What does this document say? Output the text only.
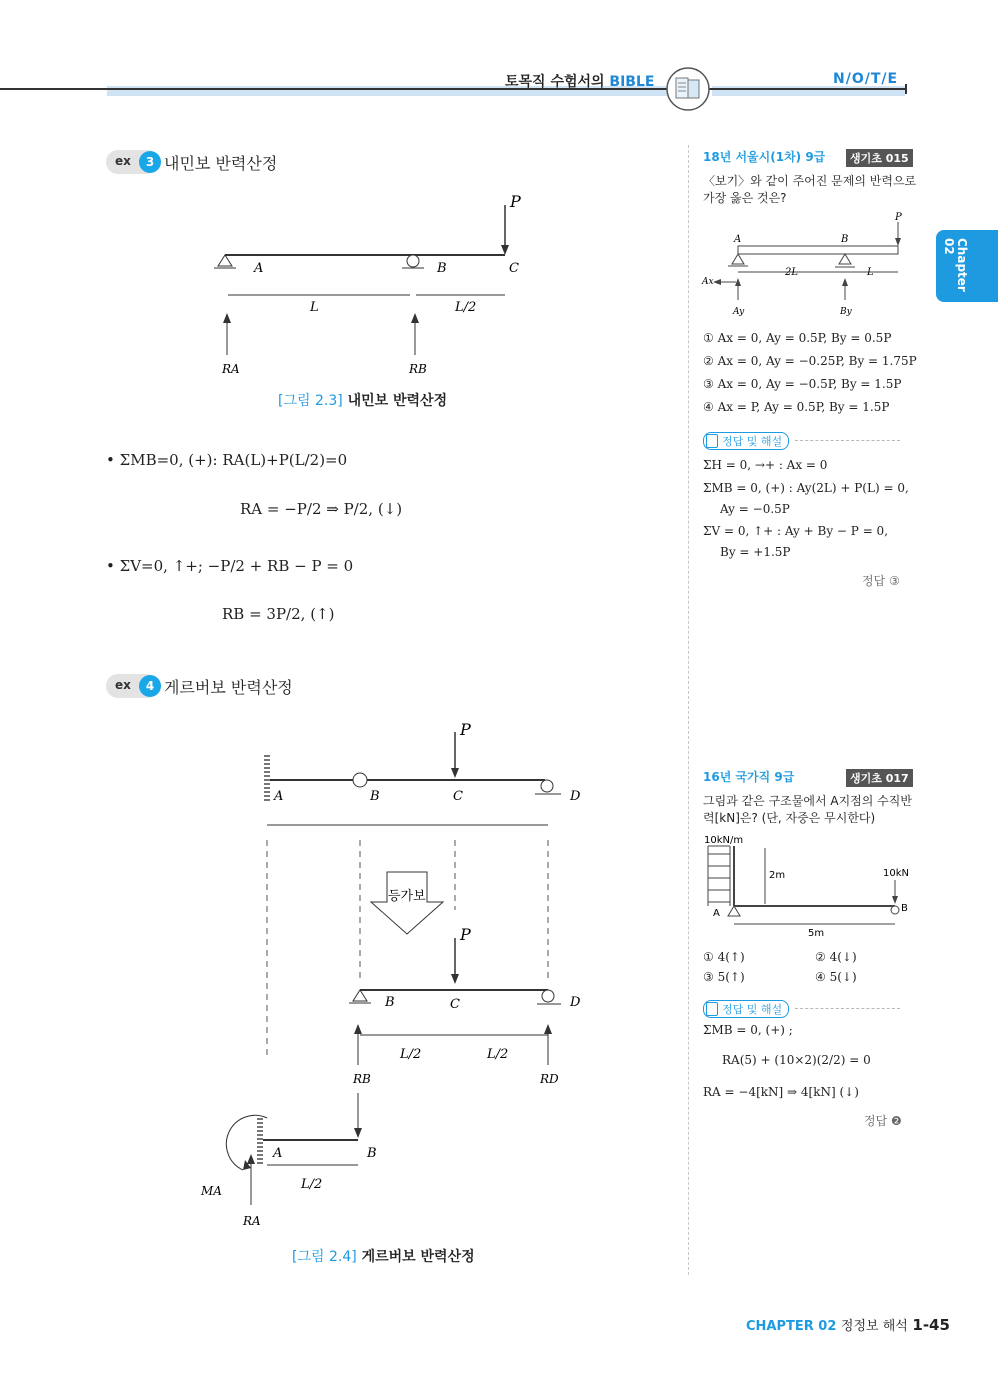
토목직 수험서의 BIBLE	N/O/T/E
Chapter 02
ex	3 내민보 반력산정
P
A	B	C
L	L/2
RA	RB
[그림 2.3] 내민보 반력산정
• ΣMB=0, (+): RA(L)+P(L/2)=0
RA = −P/2 ⇒ P/2, (↓)
• ΣV=0, ↑+; −P/2 + RB − P = 0
RB = 3P/2, (↑)
ex	4 게르버보 반력산정
P
A	B	C	D
등가보
P
B	C	D
L/2	L/2
RB	RD
A	B
L/2
MA
RA
[그림 2.4] 게르버보 반력산정
18년 서울시(1차) 9급	생기초 015
〈보기〉와 같이 주어진 문제의 반력으로
가장 옳은 것은?
P
A	B
2L	L
Ax
Ay	By
① Ax = 0, Ay = 0.5P, By = 0.5P
② Ax = 0, Ay = −0.25P, By = 1.75P
③ Ax = 0, Ay = −0.5P, By = 1.5P
④ Ax = P, Ay = 0.5P, By = 1.5P
정답 및 해설
ΣH = 0, →+ : Ax = 0
ΣMB = 0, (+) : Ay(2L) + P(L) = 0,
Ay = −0.5P
ΣV = 0, ↑+ : Ay + By − P = 0,
By = +1.5P
정답 ③
16년 국가직 9급	생기초 017
그림과 같은 구조물에서 A지점의 수직반
력[kN]은? (단, 자중은 무시한다)
10kN/m
2m
A	B
10kN
5m
① 4(↑)	② 4(↓)
③ 5(↑)	④ 5(↓)
정답 및 해설
ΣMB = 0, (+) ;
RA(5) + (10×2)(2/2) = 0
RA = −4[kN] ⇒ 4[kN] (↓)
정답 ❷
CHAPTER 02 정정보 해석 1-45
